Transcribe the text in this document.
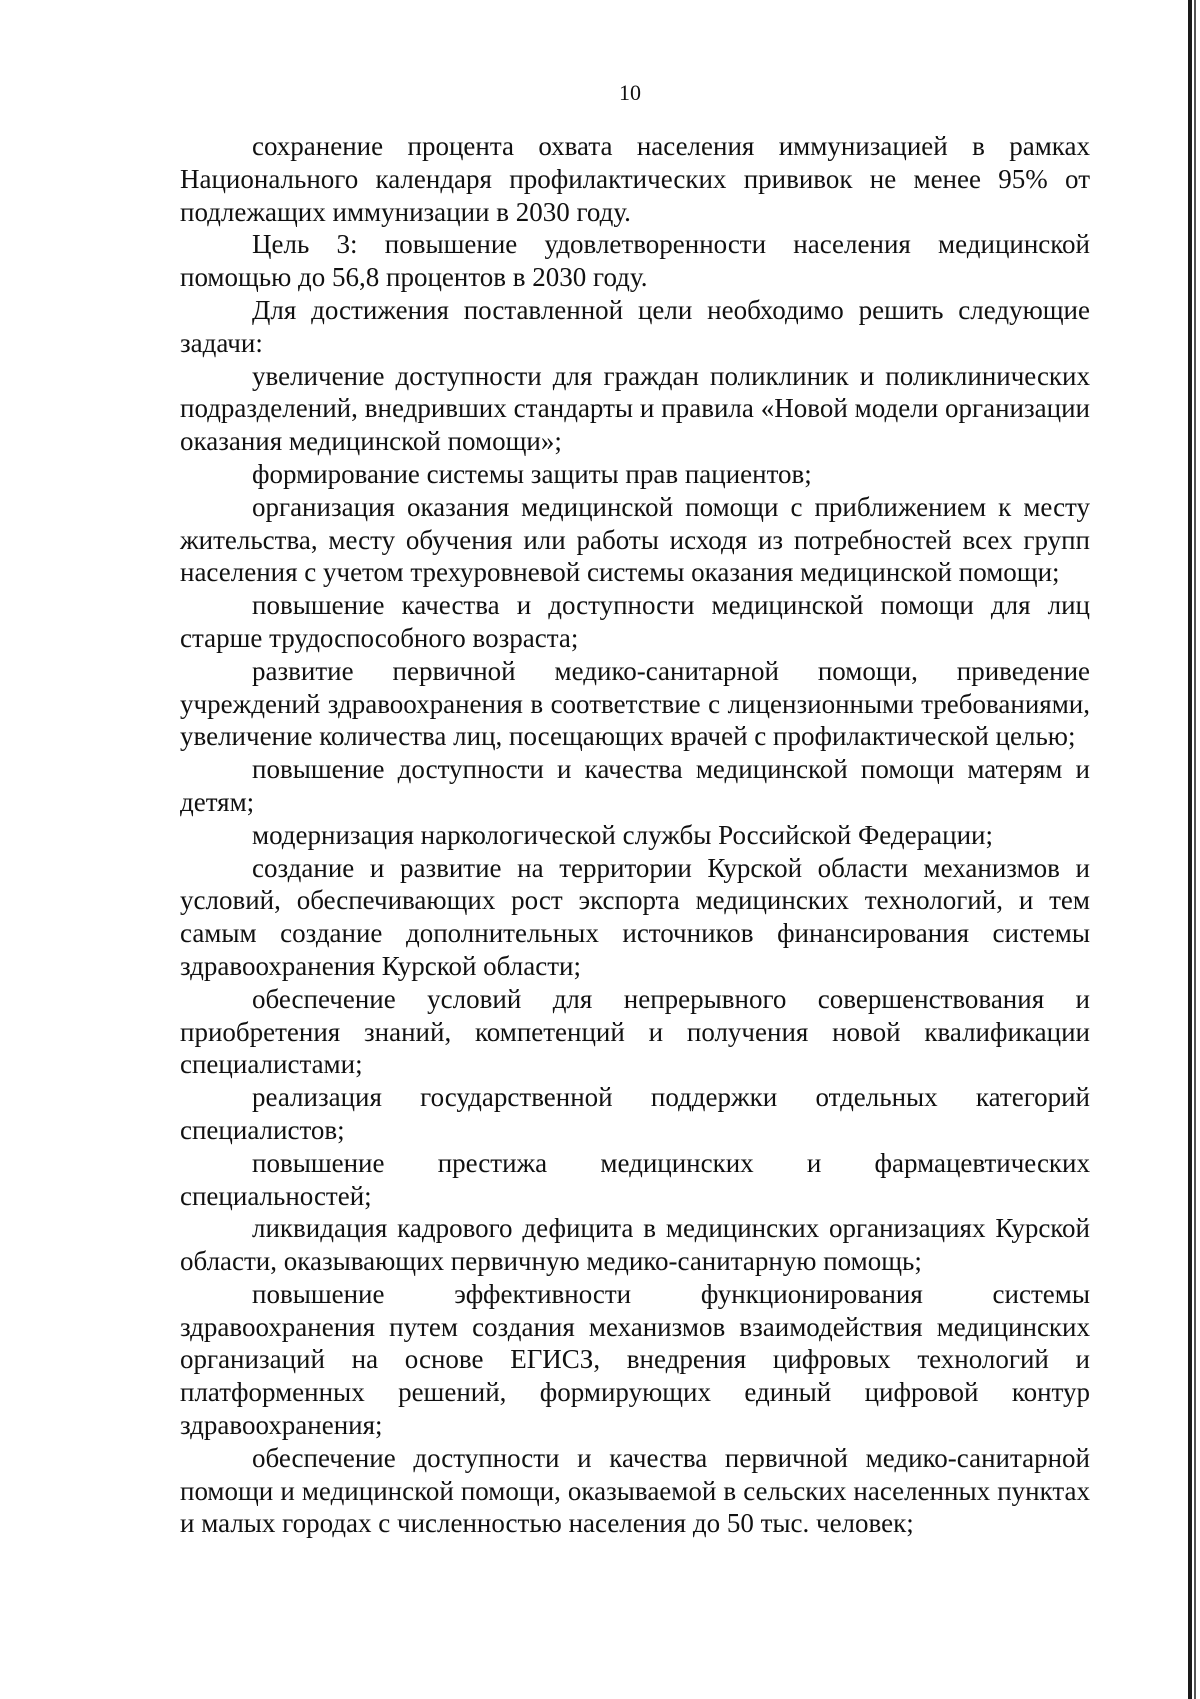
10

сохранение процента охвата населения иммунизацией в рамках Национального календаря профилактических прививок не менее 95% от подлежащих иммунизации в 2030 году.

Цель 3: повышение удовлетворенности населения медицинской помощью до 56,8 процентов в 2030 году.

Для достижения поставленной цели необходимо решить следующие задачи:

увеличение доступности для граждан поликлиник и поликлинических подразделений, внедривших стандарты и правила «Новой модели организации оказания медицинской помощи»;

формирование системы защиты прав пациентов;

организация оказания медицинской помощи с приближением к месту жительства, месту обучения или работы исходя из потребностей всех групп населения с учетом трехуровневой системы оказания медицинской помощи;

повышение качества и доступности медицинской помощи для лиц старше трудоспособного возраста;

развитие первичной медико-санитарной помощи, приведение учреждений здравоохранения в соответствие с лицензионными требованиями, увеличение количества лиц, посещающих врачей с профилактической целью;

повышение доступности и качества медицинской помощи матерям и детям;

модернизация наркологической службы Российской Федерации;

создание и развитие на территории Курской области механизмов и условий, обеспечивающих рост экспорта медицинских технологий, и тем самым создание дополнительных источников финансирования системы здравоохранения Курской области;

обеспечение условий для непрерывного совершенствования и приобретения знаний, компетенций и получения новой квалификации специалистами;

реализация государственной поддержки отдельных категорий специалистов;

повышение престижа медицинских и фармацевтических специальностей;

ликвидация кадрового дефицита в медицинских организациях Курской области, оказывающих первичную медико-санитарную помощь;

повышение эффективности функционирования системы здравоохранения путем создания механизмов взаимодействия медицинских организаций на основе ЕГИСЗ, внедрения цифровых технологий и платформенных решений, формирующих единый цифровой контур здравоохранения;

обеспечение доступности и качества первичной медико-санитарной помощи и медицинской помощи, оказываемой в сельских населенных пунктах и малых городах с численностью населения до 50 тыс. человек;
